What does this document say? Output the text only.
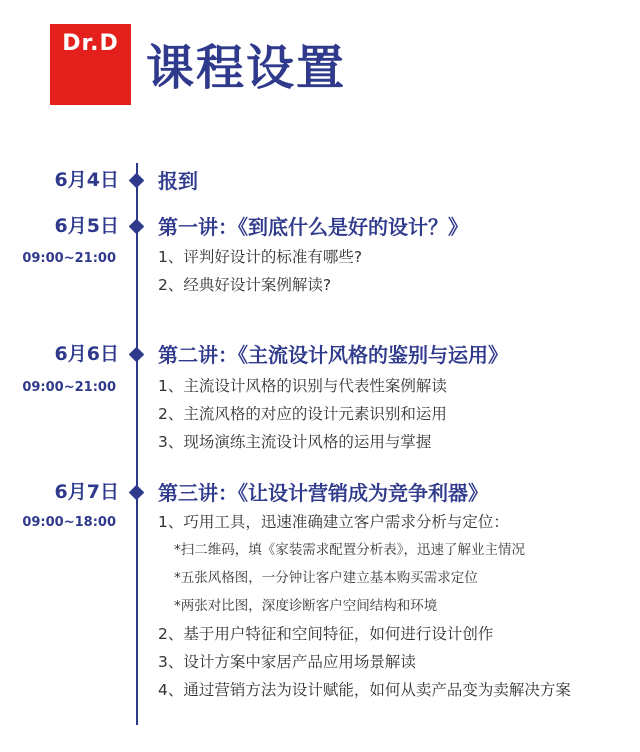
Dr.D 课程设置
6月4日 报到
6月5日 第一讲：《到底什么是好的设计？》
09:00~21:00	1、评判好设计的标准有哪些?
2、经典好设计案例解读?
6月6日 第二讲：《主流设计风格的鉴别与运用》
09:00~21:00	1、主流设计风格的识别与代表性案例解读
2、主流风格的对应的设计元素识别和运用
3、现场演练主流设计风格的运用与掌握
6月7日 第三讲：《让设计营销成为竞争利器》
09:00~18:00	1、巧用工具，迅速准确建立客户需求分析与定位：
*扫二维码，填《家装需求配置分析表》，迅速了解业主情况
*五张风格图，一分钟让客户建立基本购买需求定位
*两张对比图，深度诊断客户空间结构和环境
2、基于用户特征和空间特征，如何进行设计创作
3、设计方案中家居产品应用场景解读
4、通过营销方法为设计赋能，如何从卖产品变为卖解决方案
